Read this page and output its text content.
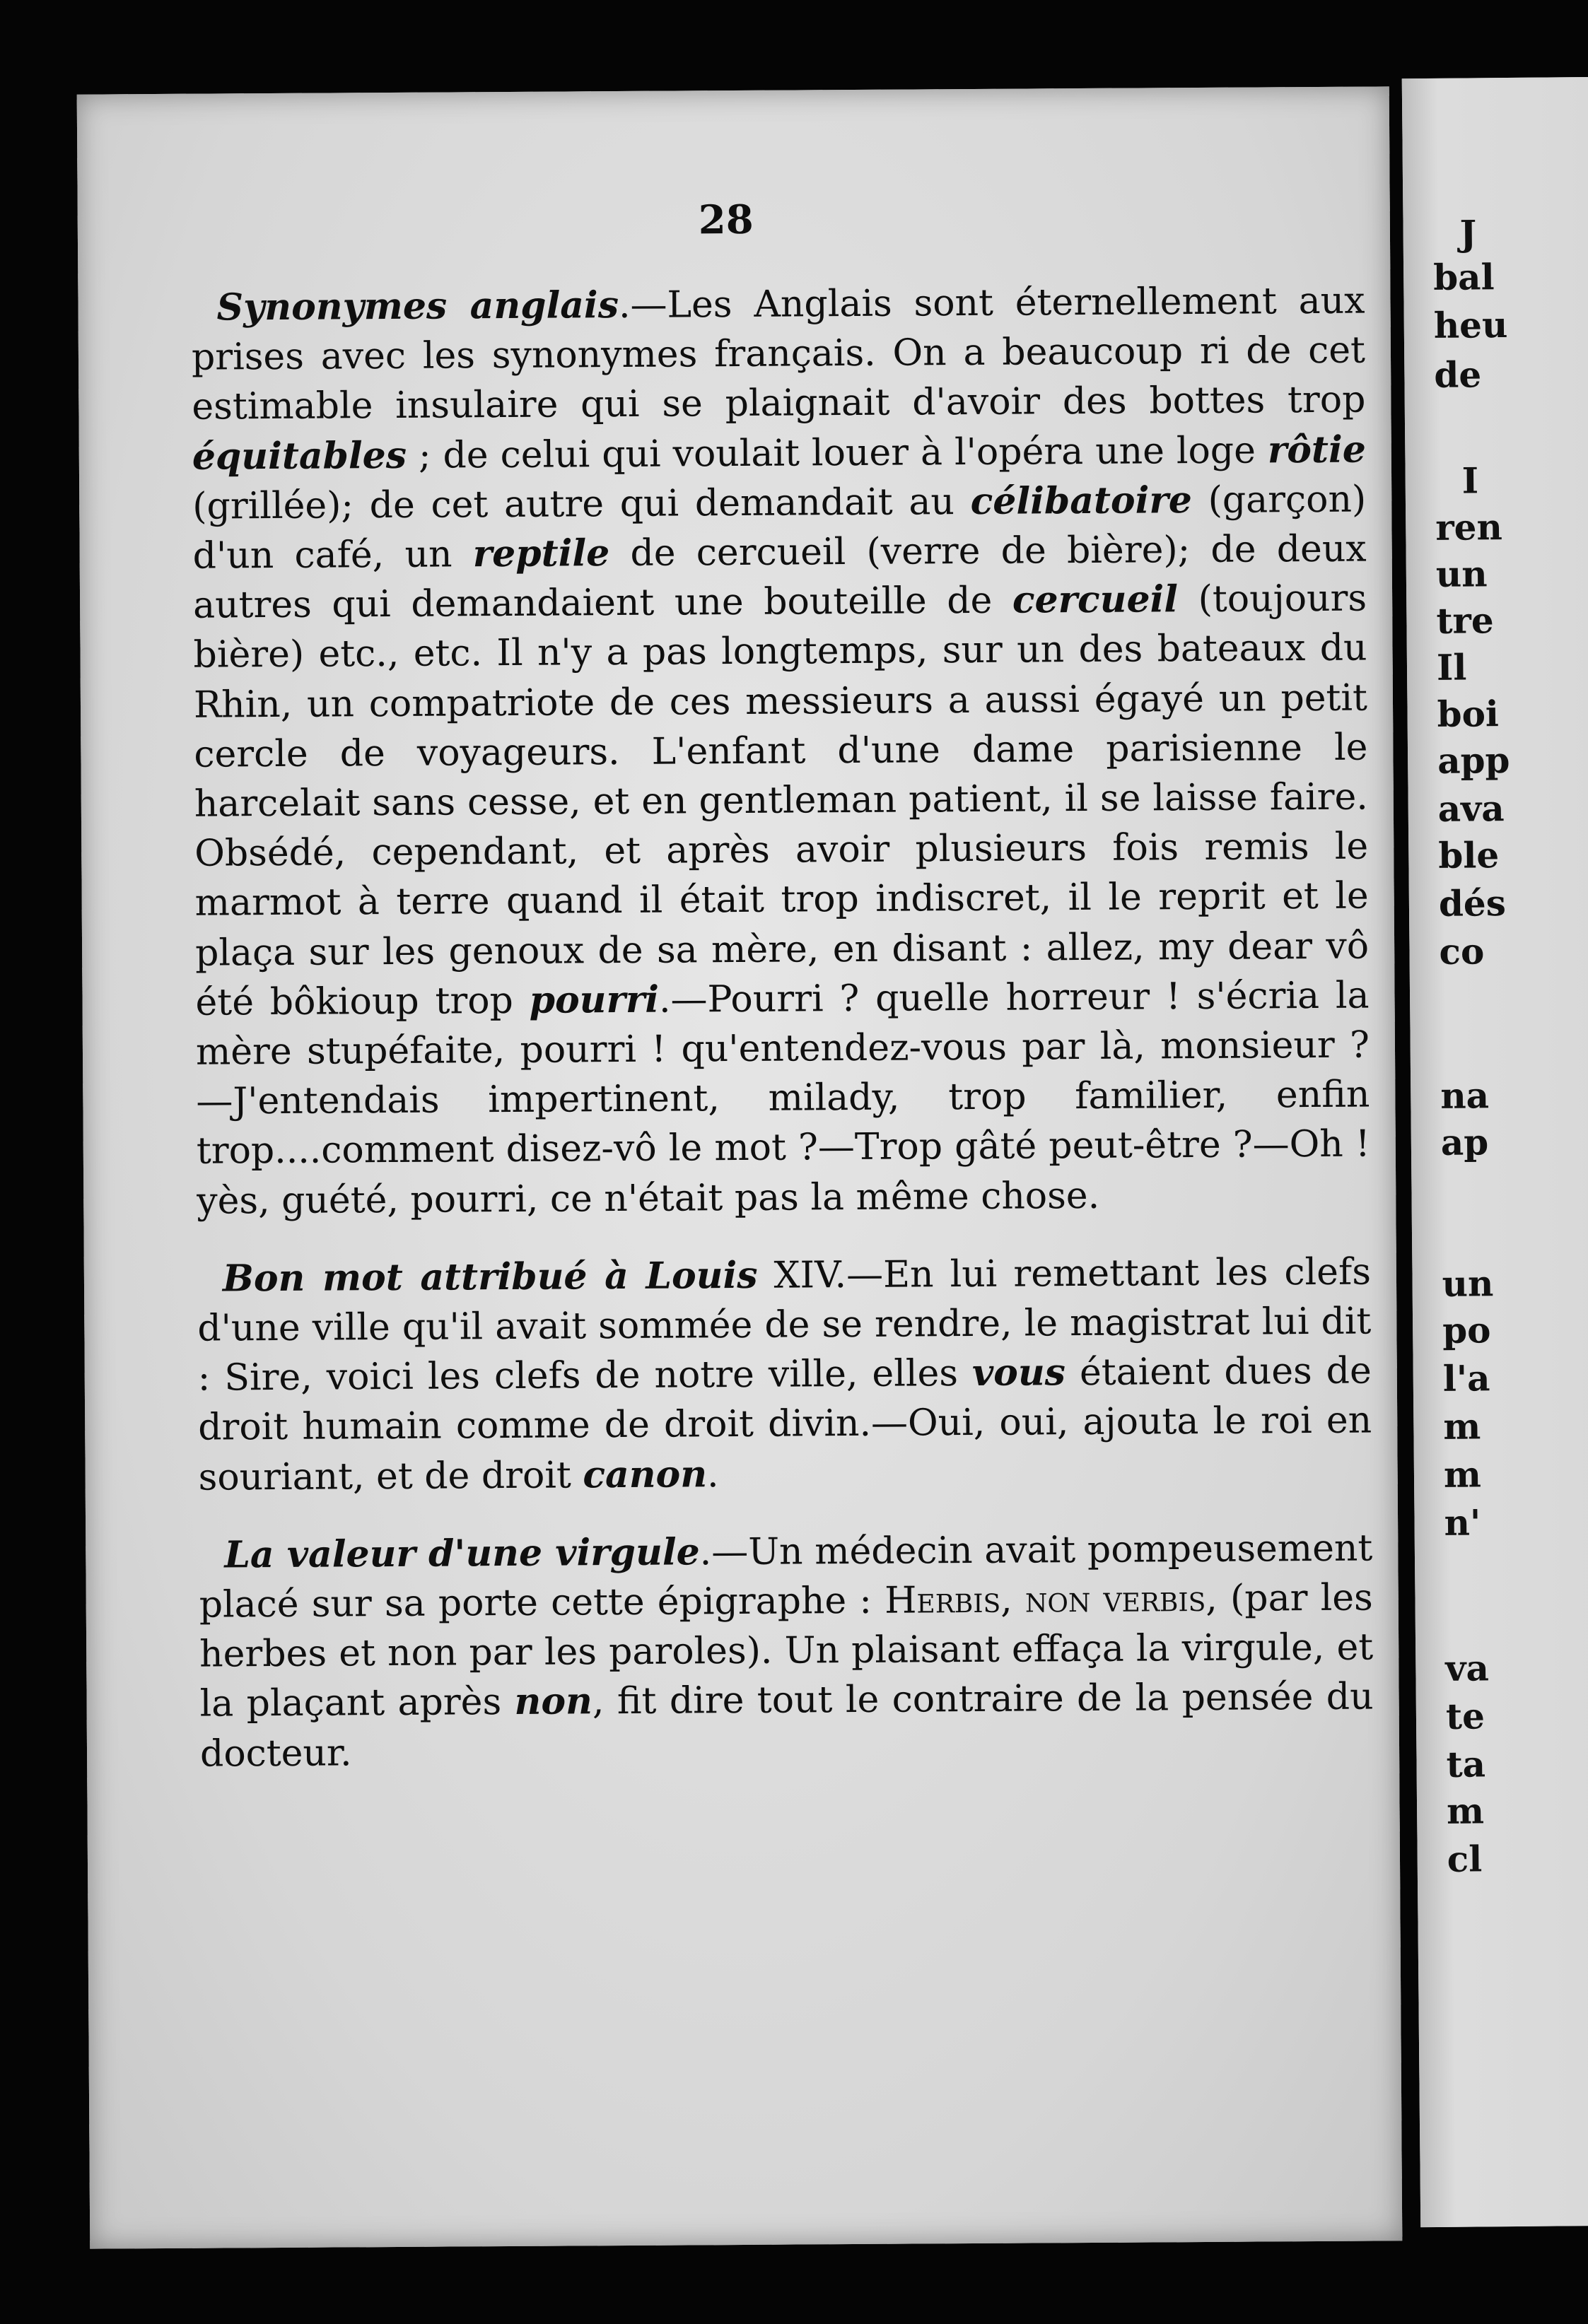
28

Synonymes anglais.—Les Anglais sont éternellement aux prises avec les synonymes français. On a beaucoup ri de cet estimable insulaire qui se plaignait d'avoir des bottes trop équitables ; de celui qui voulait louer à l'opéra une loge rôtie (grillée); de cet autre qui demandait au célibatoire (garçon) d'un café, un reptile de cercueil (verre de bière); de deux autres qui demandaient une bouteille de cercueil (toujours bière) etc., etc. Il n'y a pas longtemps, sur un des bateaux du Rhin, un compatriote de ces messieurs a aussi égayé un petit cercle de voyageurs. L'enfant d'une dame parisienne le harcelait sans cesse, et en gentleman patient, il se laisse faire. Obsédé, cependant, et après avoir plusieurs fois remis le marmot à terre quand il était trop indiscret, il le reprit et le plaça sur les genoux de sa mère, en disant : allez, my dear vô été bôkioup trop pourri.—Pourri ? quelle horreur ! s'écria la mère stupéfaite, pourri ! qu'entendez-vous par là, monsieur ?—J'entendais impertinent, milady, trop familier, enfin trop....comment disez-vô le mot ?—Trop gâté peut-être ?—Oh ! yès, guété, pourri, ce n'était pas la même chose.

Bon mot attribué à Louis XIV.—En lui remettant les clefs d'une ville qu'il avait sommée de se rendre, le magistrat lui dit : Sire, voici les clefs de notre ville, elles vous étaient dues de droit humain comme de droit divin.—Oui, oui, ajouta le roi en souriant, et de droit canon.

La valeur d'une virgule.—Un médecin avait pompeusement placé sur sa porte cette épigraphe : Herbis, non verbis, (par les herbes et non par les paroles). Un plaisant effaça la virgule, et la plaçant après non, fit dire tout le contraire de la pensée du docteur.

J
bal
heu
de
I
ren
un
tre
Il
boi
app
ava
ble
dés
co
na
ap
un
po
l'a
m
m
n'
va
te
ta
m
cl
